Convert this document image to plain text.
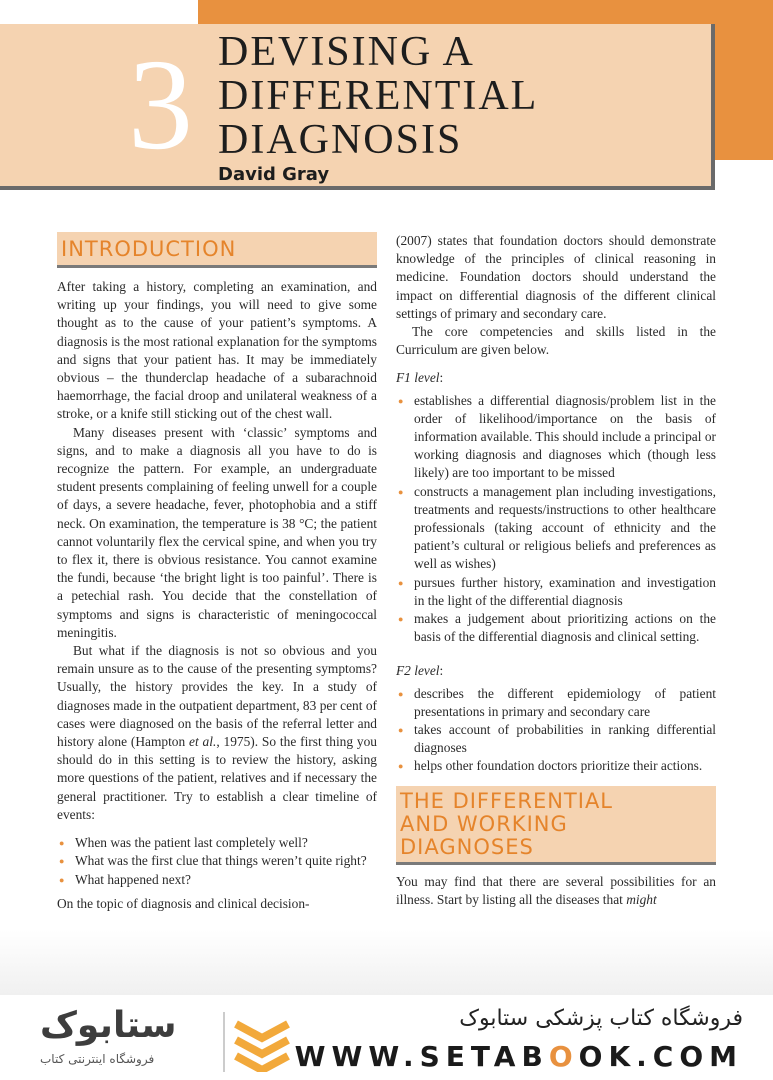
3 DEVISING A
DIFFERENTIAL
DIAGNOSIS
David Gray
INTRODUCTION

After taking a history, completing an examination, and writing up your findings, you will need to give some thought as to the cause of your patient’s symptoms. A diagnosis is the most rational explanation for the symptoms and signs that your patient has. It may be immediately obvious – the thunderclap headache of a subarachnoid haemorrhage, the facial droop and unilateral weakness of a stroke, or a knife still sticking out of the chest wall.

Many diseases present with ‘classic’ symptoms and signs, and to make a diagnosis all you have to do is recognize the pattern. For example, an undergraduate student presents complaining of feeling unwell for a couple of days, a severe headache, fever, photophobia and a stiff neck. On examination, the temperature is 38 °C; the patient cannot voluntarily flex the cervical spine, and when you try to flex it, there is obvious resistance. You cannot examine the fundi, because ‘the bright light is too painful’. There is a petechial rash. You decide that the constellation of symptoms and signs is characteristic of meningococcal meningitis.

But what if the diagnosis is not so obvious and you remain unsure as to the cause of the presenting symptoms? Usually, the history provides the key. In a study of diagnoses made in the outpatient department, 83 per cent of cases were diagnosed on the basis of the referral letter and history alone (Hampton et al., 1975). So the first thing you should do in this setting is to review the history, asking more questions of the patient, relatives and if necessary the general practitioner. Try to establish a clear timeline of events:

● When was the patient last completely well?
● What was the first clue that things weren’t quite right?
● What happened next?

On the topic of diagnosis and clinical decision-

(2007) states that foundation doctors should demonstrate knowledge of the principles of clinical reasoning in medicine. Foundation doctors should understand the impact on differential diagnosis of the different clinical settings of primary and secondary care.

The core competencies and skills listed in the Curriculum are given below.

F1 level:
● establishes a differential diagnosis/problem list in the order of likelihood/importance on the basis of information available. This should include a principal or working diagnosis and diagnoses which (though less likely) are too important to be missed
● constructs a management plan including investigations, treatments and requests/instructions to other healthcare professionals (taking account of ethnicity and the patient’s cultural or religious beliefs and preferences as well as wishes)
● pursues further history, examination and investigation in the light of the differential diagnosis
● makes a judgement about prioritizing actions on the basis of the differential diagnosis and clinical setting.
F2 level:
● describes the different epidemiology of patient presentations in primary and secondary care
● takes account of probabilities in ranking differential diagnoses
● helps other foundation doctors prioritize their actions.
THE DIFFERENTIAL
AND WORKING
DIAGNOSES

You may find that there are several possibilities for an illness. Start by listing all the diseases that might

ستابوک
فروشگاه اینترنتی کتاب
فروشگاه کتاب پزشکی ستابوک
WWW.SETABOOK.COM
